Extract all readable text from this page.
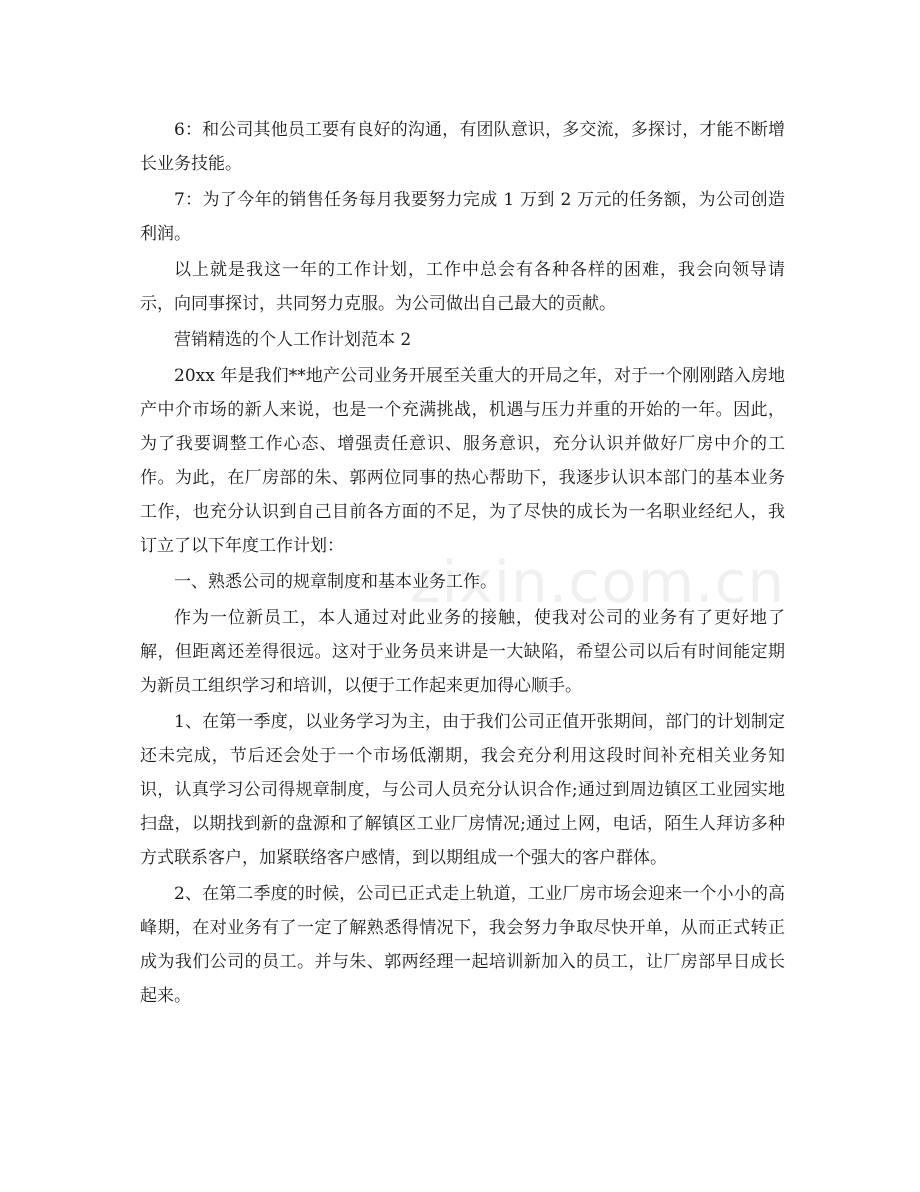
6：和公司其他员工要有良好的沟通，有团队意识，多交流，多探讨，才能不断增长业务技能。

7：为了今年的销售任务每月我要努力完成 1 万到 2 万元的任务额，为公司创造利润。

以上就是我这一年的工作计划，工作中总会有各种各样的困难，我会向领导请示，向同事探讨，共同努力克服。为公司做出自己最大的贡献。

营销精选的个人工作计划范本 2

20xx 年是我们**地产公司业务开展至关重大的开局之年，对于一个刚刚踏入房地产中介市场的新人来说，也是一个充满挑战，机遇与压力并重的开始的一年。因此，为了我要调整工作心态、增强责任意识、服务意识，充分认识并做好厂房中介的工作。为此，在厂房部的朱、郭两位同事的热心帮助下，我逐步认识本部门的基本业务工作，也充分认识到自己目前各方面的不足，为了尽快的成长为一名职业经纪人，我订立了以下年度工作计划：

一、熟悉公司的规章制度和基本业务工作。

作为一位新员工，本人通过对此业务的接触，使我对公司的业务有了更好地了解，但距离还差得很远。这对于业务员来讲是一大缺陷，希望公司以后有时间能定期为新员工组织学习和培训，以便于工作起来更加得心顺手。

1、在第一季度，以业务学习为主，由于我们公司正值开张期间，部门的计划制定还未完成，节后还会处于一个市场低潮期，我会充分利用这段时间补充相关业务知识，认真学习公司得规章制度，与公司人员充分认识合作;通过到周边镇区工业园实地扫盘，以期找到新的盘源和了解镇区工业厂房情况;通过上网，电话，陌生人拜访多种方式联系客户，加紧联络客户感情，到以期组成一个强大的客户群体。

2、在第二季度的时候，公司已正式走上轨道，工业厂房市场会迎来一个小小的高峰期，在对业务有了一定了解熟悉得情况下，我会努力争取尽快开单，从而正式转正成为我们公司的员工。并与朱、郭两经理一起培训新加入的员工，让厂房部早日成长起来。

zixin.com.cn
